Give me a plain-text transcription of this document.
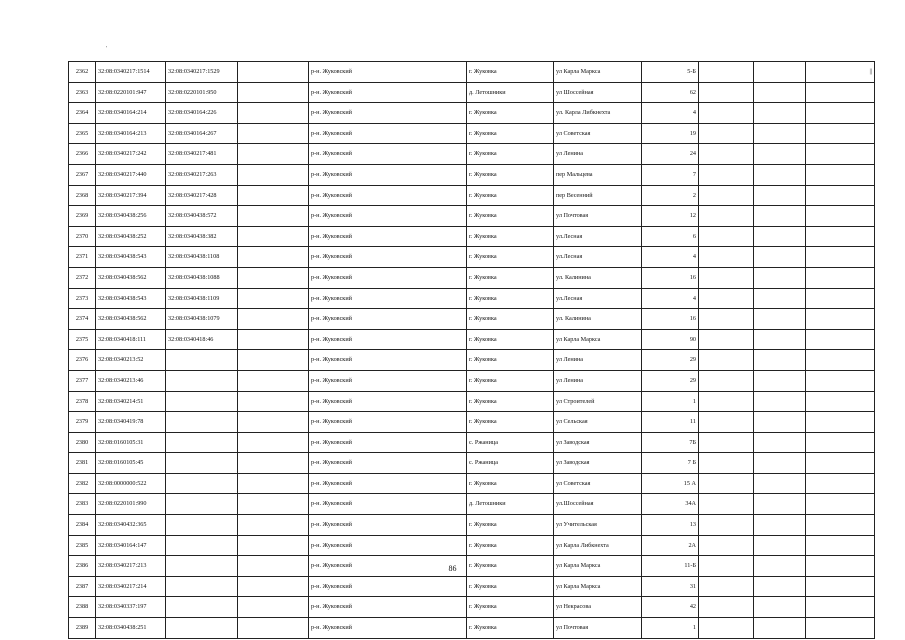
'
2362	32:08:0340217:1514	32:08:0340217:1529		р-н. Жуковский	г. Жуковка	ул Карла Маркса	5-Б			||
2363	32:08:0220101:947	32:08:0220101:950		р-н. Жуковский	д. Летошники	ул Шоссейная	62			
2364	32:08:0340164:214	32:08:0340164:226		р-н. Жуковский	г. Жуковка	ул. Карла Либкнехта	4			
2365	32:08:0340164:213	32:08:0340164:267		р-н. Жуковский	г. Жуковка	ул Советская	19			
2366	32:08:0340217:242	32:08:0340217:481		р-н. Жуковский	г. Жуковка	ул Ленина	24			
2367	32:08:0340217:440	32:08:0340217:263		р-н. Жуковский	г. Жуковка	пер Мальцева	7			
2368	32:08:0340217:394	32:08:0340217:428		р-н. Жуковский	г. Жуковка	пер Весенний	2			
2369	32:08:0340438:256	32:08:0340438:572		р-н. Жуковский	г. Жуковка	ул Почтовая	12			
2370	32:08:0340438:252	32:08:0340438:382		р-н. Жуковский	г. Жуковка	ул.Лесная	6			
2371	32:08:0340438:543	32:08:0340438:1108		р-н. Жуковский	г. Жуковка	ул.Лесная	4			
2372	32:08:0340438:562	32:08:0340438:1088		р-н. Жуковский	г. Жуковка	ул. Калинина	16			
2373	32:08:0340438:543	32:08:0340438:1109		р-н. Жуковский	г. Жуковка	ул.Лесная	4			
2374	32:08:0340438:562	32:08:0340438:1079		р-н. Жуковский	г. Жуковка	ул. Калинина	16			
2375	32:08:0340418:111	32:08:0340418:46		р-н. Жуковский	г. Жуковка	ул Карла Маркса	90			
2376	32:08:0340213:52			р-н. Жуковский	г. Жуковка	ул Ленина	29			
2377	32:08:0340213:46			р-н. Жуковский	г. Жуковка	ул Ленина	29			
2378	32:08:0340214:51			р-н. Жуковский	г. Жуковка	ул Строителей	1			
2379	32:08:0340419:78			р-н. Жуковский	г. Жуковка	ул Сельская	11			
2380	32:08:0160105:31			р-н. Жуковский	с. Ржаница	ул Заводская	7Б			
2381	32:08:0160105:45			р-н. Жуковский	с. Ржаница	ул Заводская	7 Б			
2382	32:08:0000000:522			р-н. Жуковский	г. Жуковка	ул Советская	15 А			
2383	32:08:0220101:990			р-н. Жуковский	д. Летошники	ул.Шоссейная	34А			
2384	32:08:0340432:365			р-н. Жуковский	г. Жуковка	ул Учительская	13			
2385	32:08:0340164:147			р-н. Жуковский	г. Жуковка	ул Карла Либкнехта	2А			
2386	32:08:0340217:213			р-н. Жуковский	г. Жуковка	ул Карла Маркса	11-Б			
2387	32:08:0340217:214			р-н. Жуковский	г. Жуковка	ул Карла Маркса	31			
2388	32:08:0340337:197			р-н. Жуковский	г. Жуковка	ул Некрасова	42			
2389	32:08:0340438:251			р-н. Жуковский	г. Жуковка	ул Почтовая	1			
86
